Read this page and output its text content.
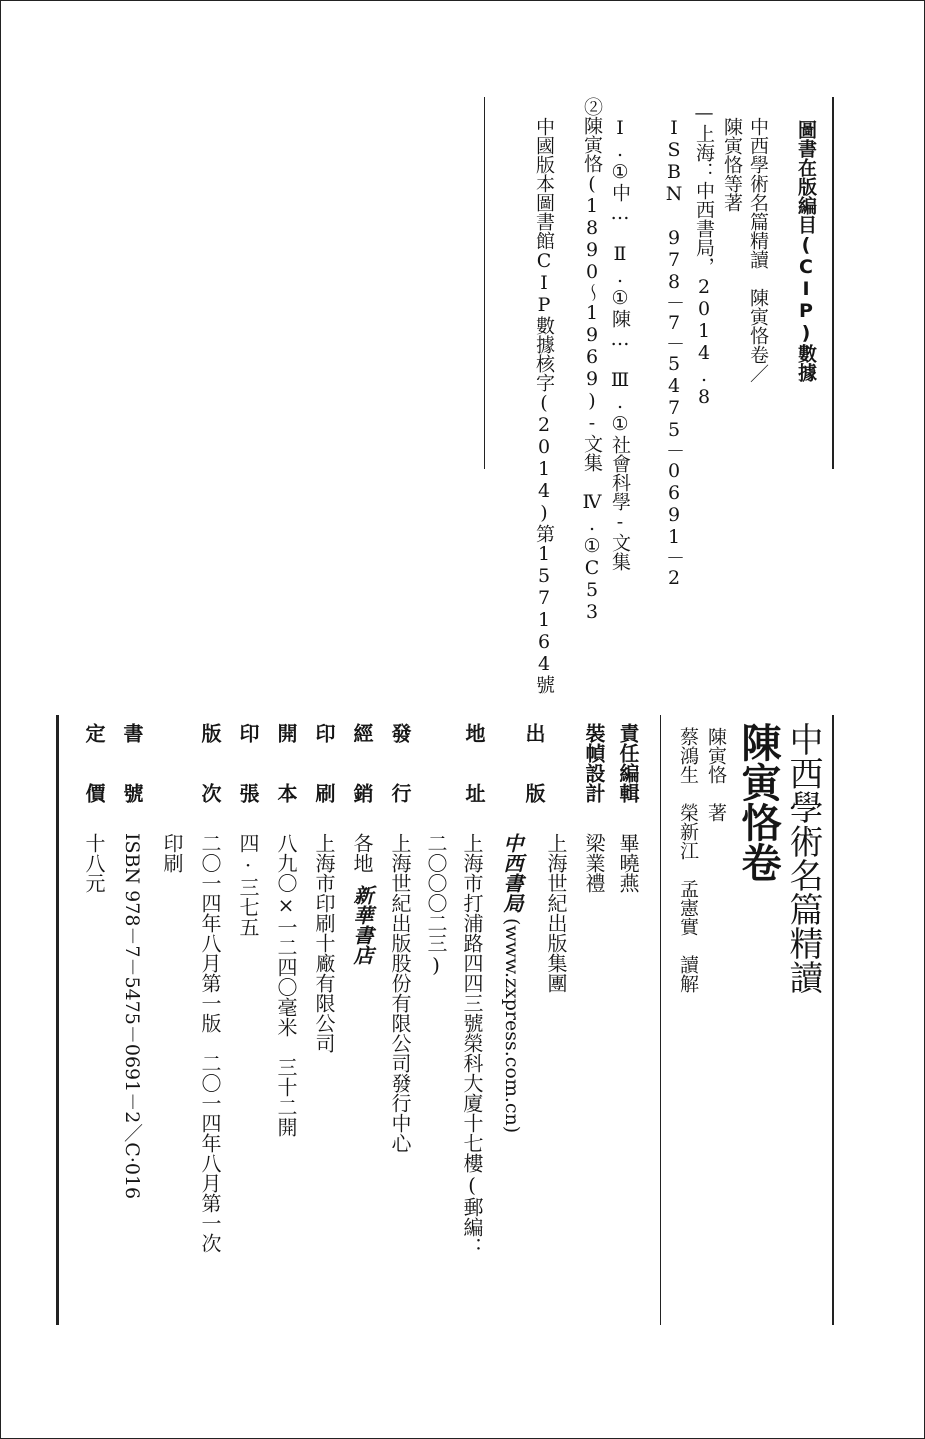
圖書在版編目(CIP)數據
中西學術名篇精讀　陳寅恪卷／
陳寅恪等著
—上海：中西書局，2014.8
ISBN 978－7－5475－0691－2
Ⅰ.①中…　Ⅱ.①陳…　Ⅲ.①社會科學-文集
②陳寅恪(1890～1969)-文集　Ⅳ.①C53
中國版本圖書館CIP數據核字(2014)第157164號
中西學術名篇精讀
陳寅恪卷
陳寅恪　著
蔡鴻生　榮新江　孟憲實　讀解
責任編輯
畢曉燕
裝幀設計
梁業禮
出　　版
上海世紀出版集團
地　　址
中西書局
(www.zxpress.com.cn)
上海市打浦路四四三號榮科大廈十七樓(郵編：
二〇〇〇二三)
發　　行
上海世紀出版股份有限公司發行中心
經　　銷
各地
新華書店
印　　刷
上海市印刷十廠有限公司
開　　本
八九〇×一二四〇毫米　三十二開
印　　張
四·三七五
版　　次
二〇一四年八月第一版　二〇一四年八月第一次
印刷
書　　號
ISBN 978－7－5475－0691－2／C·016
定　　價
十八元
